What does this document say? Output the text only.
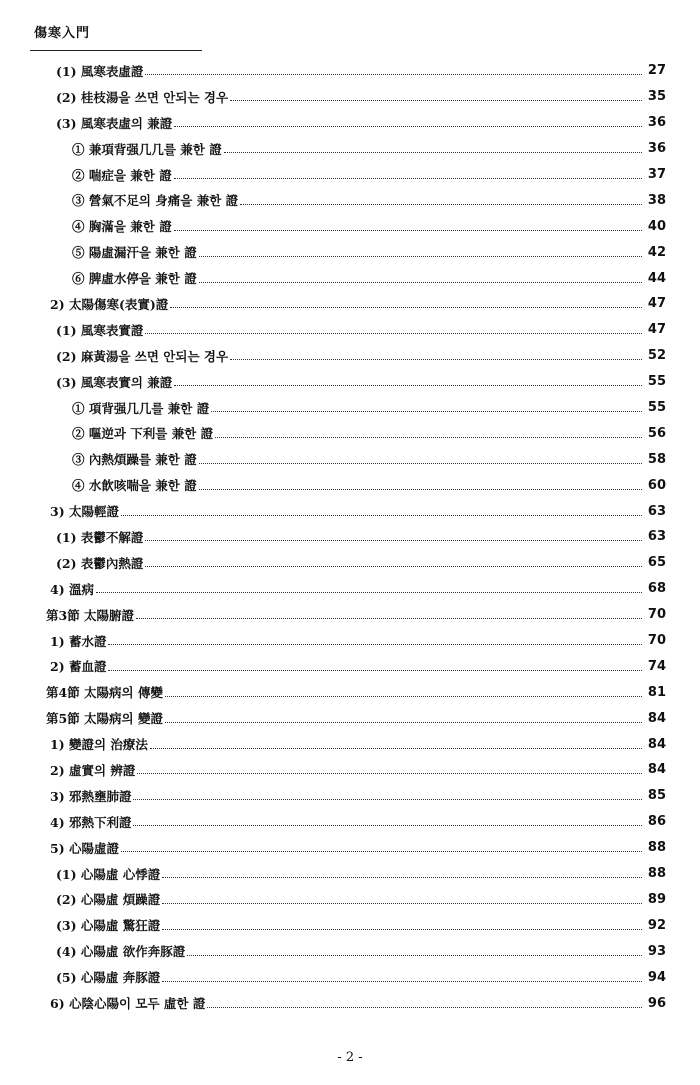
傷寒入門
(1) 風寒表虛證	27
(2) 桂枝湯을 쓰면 안되는 경우	35
(3) 風寒表虛의 兼證	36
① 兼項背强几几를 兼한 證	36
② 喘症을 兼한 證	37
③ 營氣不足의 身痛을 兼한 證	38
④ 胸滿을 兼한 證	40
⑤ 陽虛漏汗을 兼한 證	42
⑥ 脾虛水停을 兼한 證	44
2) 太陽傷寒(表實)證	47
(1) 風寒表實證	47
(2) 麻黃湯을 쓰면 안되는 경우	52
(3) 風寒表實의 兼證	55
① 項背强几几를 兼한 證	55
② 嘔逆과 下利를 兼한 證	56
③ 內熱煩躁를 兼한 證	58
④ 水飮咳喘을 兼한 證	60
3) 太陽輕證	63
(1) 表鬱不解證	63
(2) 表鬱內熱證	65
4) 溫病	68
第3節 太陽腑證	70
1) 蓄水證	70
2) 蓄血證	74
第4節 太陽病의 傳變	81
第5節 太陽病의 變證	84
1) 變證의 治療法	84
2) 虛實의 辨證	84
3) 邪熱壅肺證	85
4) 邪熱下利證	86
5) 心陽虛證	88
(1) 心陽虛 心悸證	88
(2) 心陽虛 煩躁證	89
(3) 心陽虛 驚狂證	92
(4) 心陽虛 欲作奔豚證	93
(5) 心陽虛 奔豚證	94
6) 心陰心陽이 모두 虛한 證	96
- 2 -
